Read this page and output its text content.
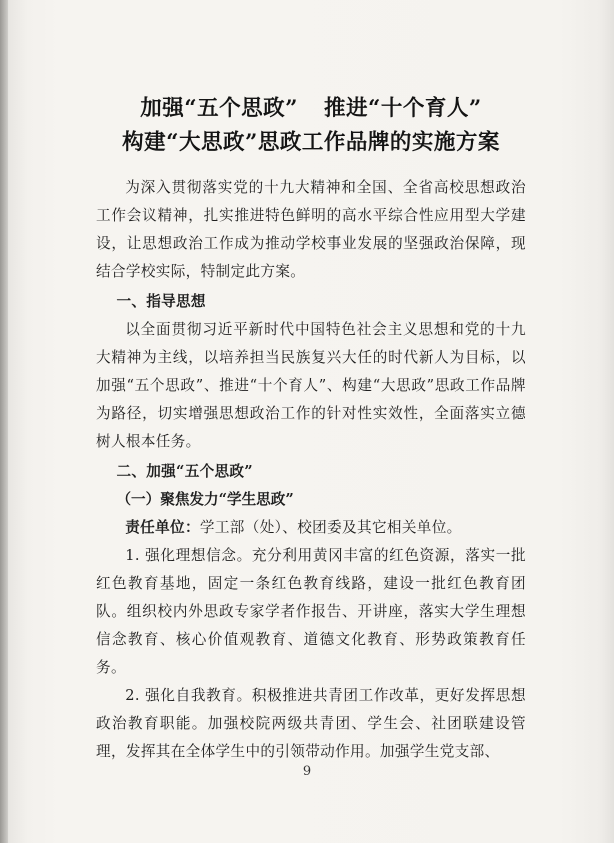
加强“五个思政” 推进“十个育人”
构建“大思政”思政工作品牌的实施方案

为深入贯彻落实党的十九大精神和全国、全省高校思想政治工作会议精神，扎实推进特色鲜明的高水平综合性应用型大学建设，让思想政治工作成为推动学校事业发展的坚强政治保障，现结合学校实际，特制定此方案。

一、指导思想

以全面贯彻习近平新时代中国特色社会主义思想和党的十九大精神为主线，以培养担当民族复兴大任的时代新人为目标，以加强“五个思政”、推进“十个育人”、构建“大思政”思政工作品牌为路径，切实增强思想政治工作的针对性实效性，全面落实立德树人根本任务。

二、加强“五个思政”
（一）聚焦发力“学生思政”

责任单位：学工部（处）、校团委及其它相关单位。

1. 强化理想信念。充分利用黄冈丰富的红色资源，落实一批红色教育基地，固定一条红色教育线路，建设一批红色教育团队。组织校内外思政专家学者作报告、开讲座，落实大学生理想信念教育、核心价值观教育、道德文化教育、形势政策教育任务。

2. 强化自我教育。积极推进共青团工作改革，更好发挥思想政治教育职能。加强校院两级共青团、学生会、社团联建设管理，发挥其在全体学生中的引领带动作用。加强学生党支部、

9
